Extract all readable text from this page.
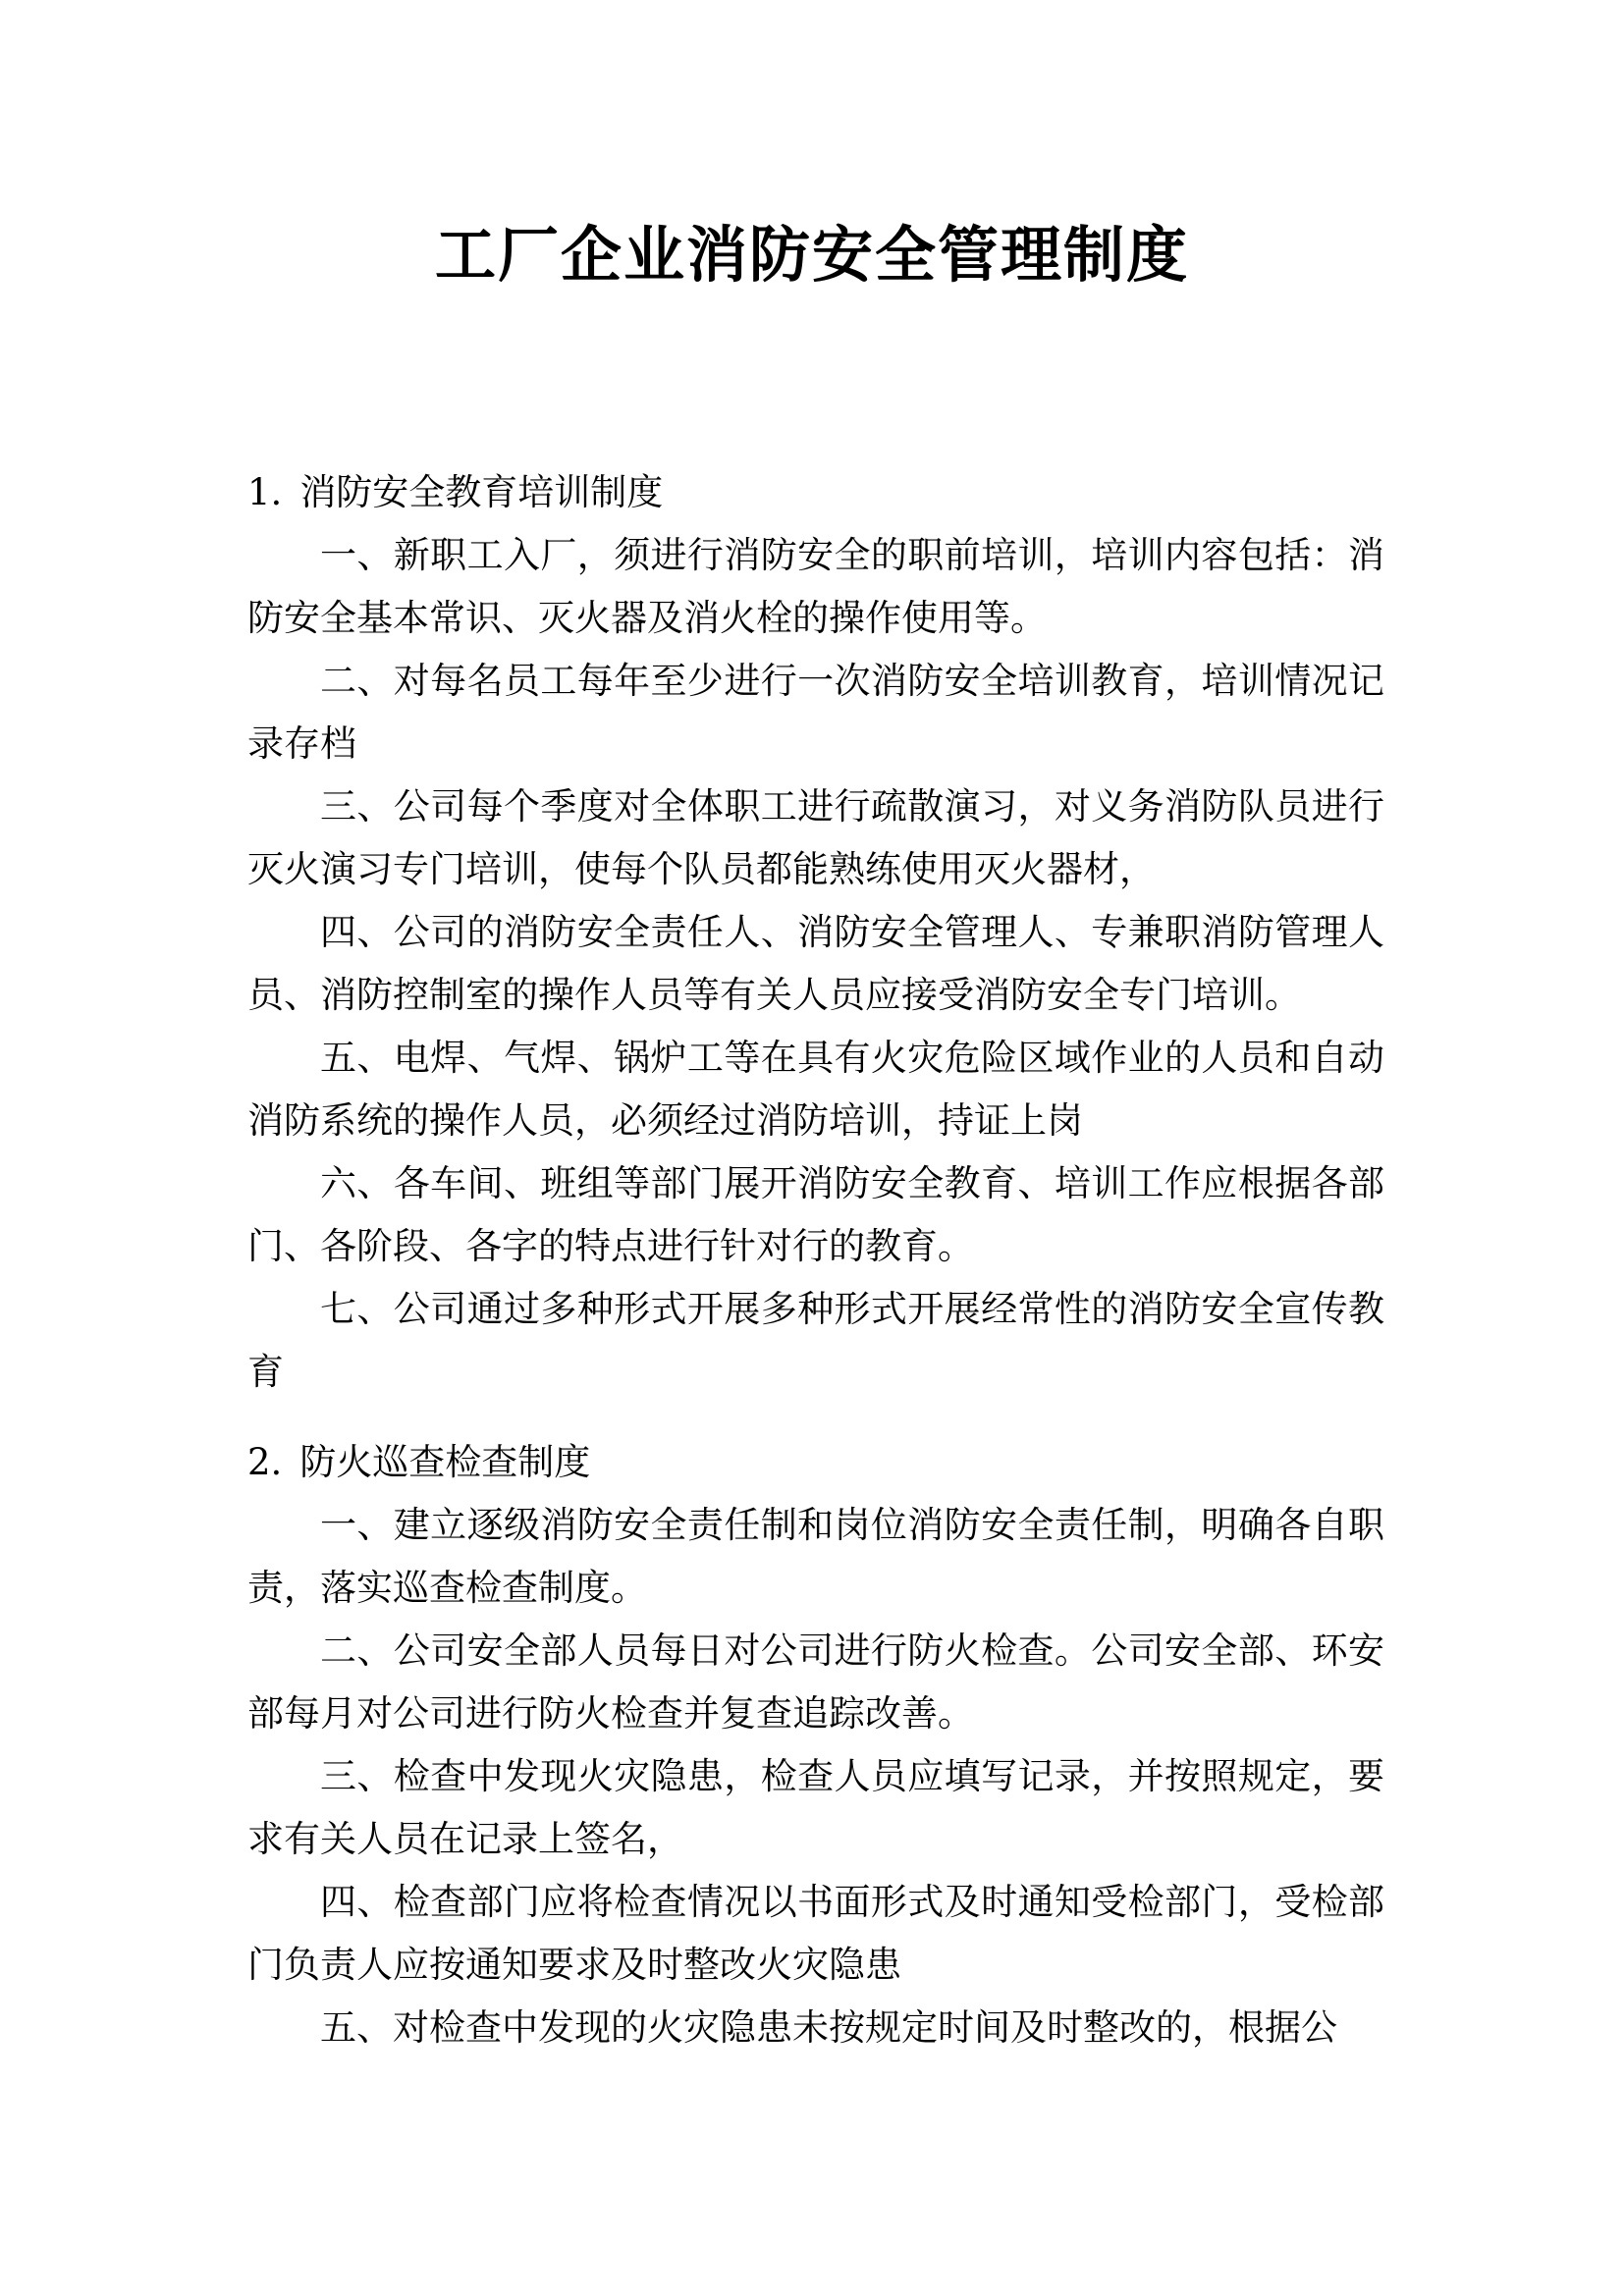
工厂企业消防安全管理制度

1. 消防安全教育培训制度

一、新职工入厂，须进行消防安全的职前培训，培训内容包括：消防安全基本常识、灭火器及消火栓的操作使用等。

二、对每名员工每年至少进行一次消防安全培训教育，培训情况记录存档

三、公司每个季度对全体职工进行疏散演习，对义务消防队员进行灭火演习专门培训，使每个队员都能熟练使用灭火器材，

四、公司的消防安全责任人、消防安全管理人、专兼职消防管理人员、消防控制室的操作人员等有关人员应接受消防安全专门培训。

五、电焊、气焊、锅炉工等在具有火灾危险区域作业的人员和自动消防系统的操作人员，必须经过消防培训，持证上岗

六、各车间、班组等部门展开消防安全教育、培训工作应根据各部门、各阶段、各字的特点进行针对行的教育。

七、公司通过多种形式开展多种形式开展经常性的消防安全宣传教育

2. 防火巡查检查制度

一、建立逐级消防安全责任制和岗位消防安全责任制，明确各自职责，落实巡查检查制度。

二、公司安全部人员每日对公司进行防火检查。公司安全部、环安部每月对公司进行防火检查并复查追踪改善。

三、检查中发现火灾隐患，检查人员应填写记录，并按照规定，要求有关人员在记录上签名，

四、检查部门应将检查情况以书面形式及时通知受检部门，受检部门负责人应按通知要求及时整改火灾隐患

五、对检查中发现的火灾隐患未按规定时间及时整改的，根据公
